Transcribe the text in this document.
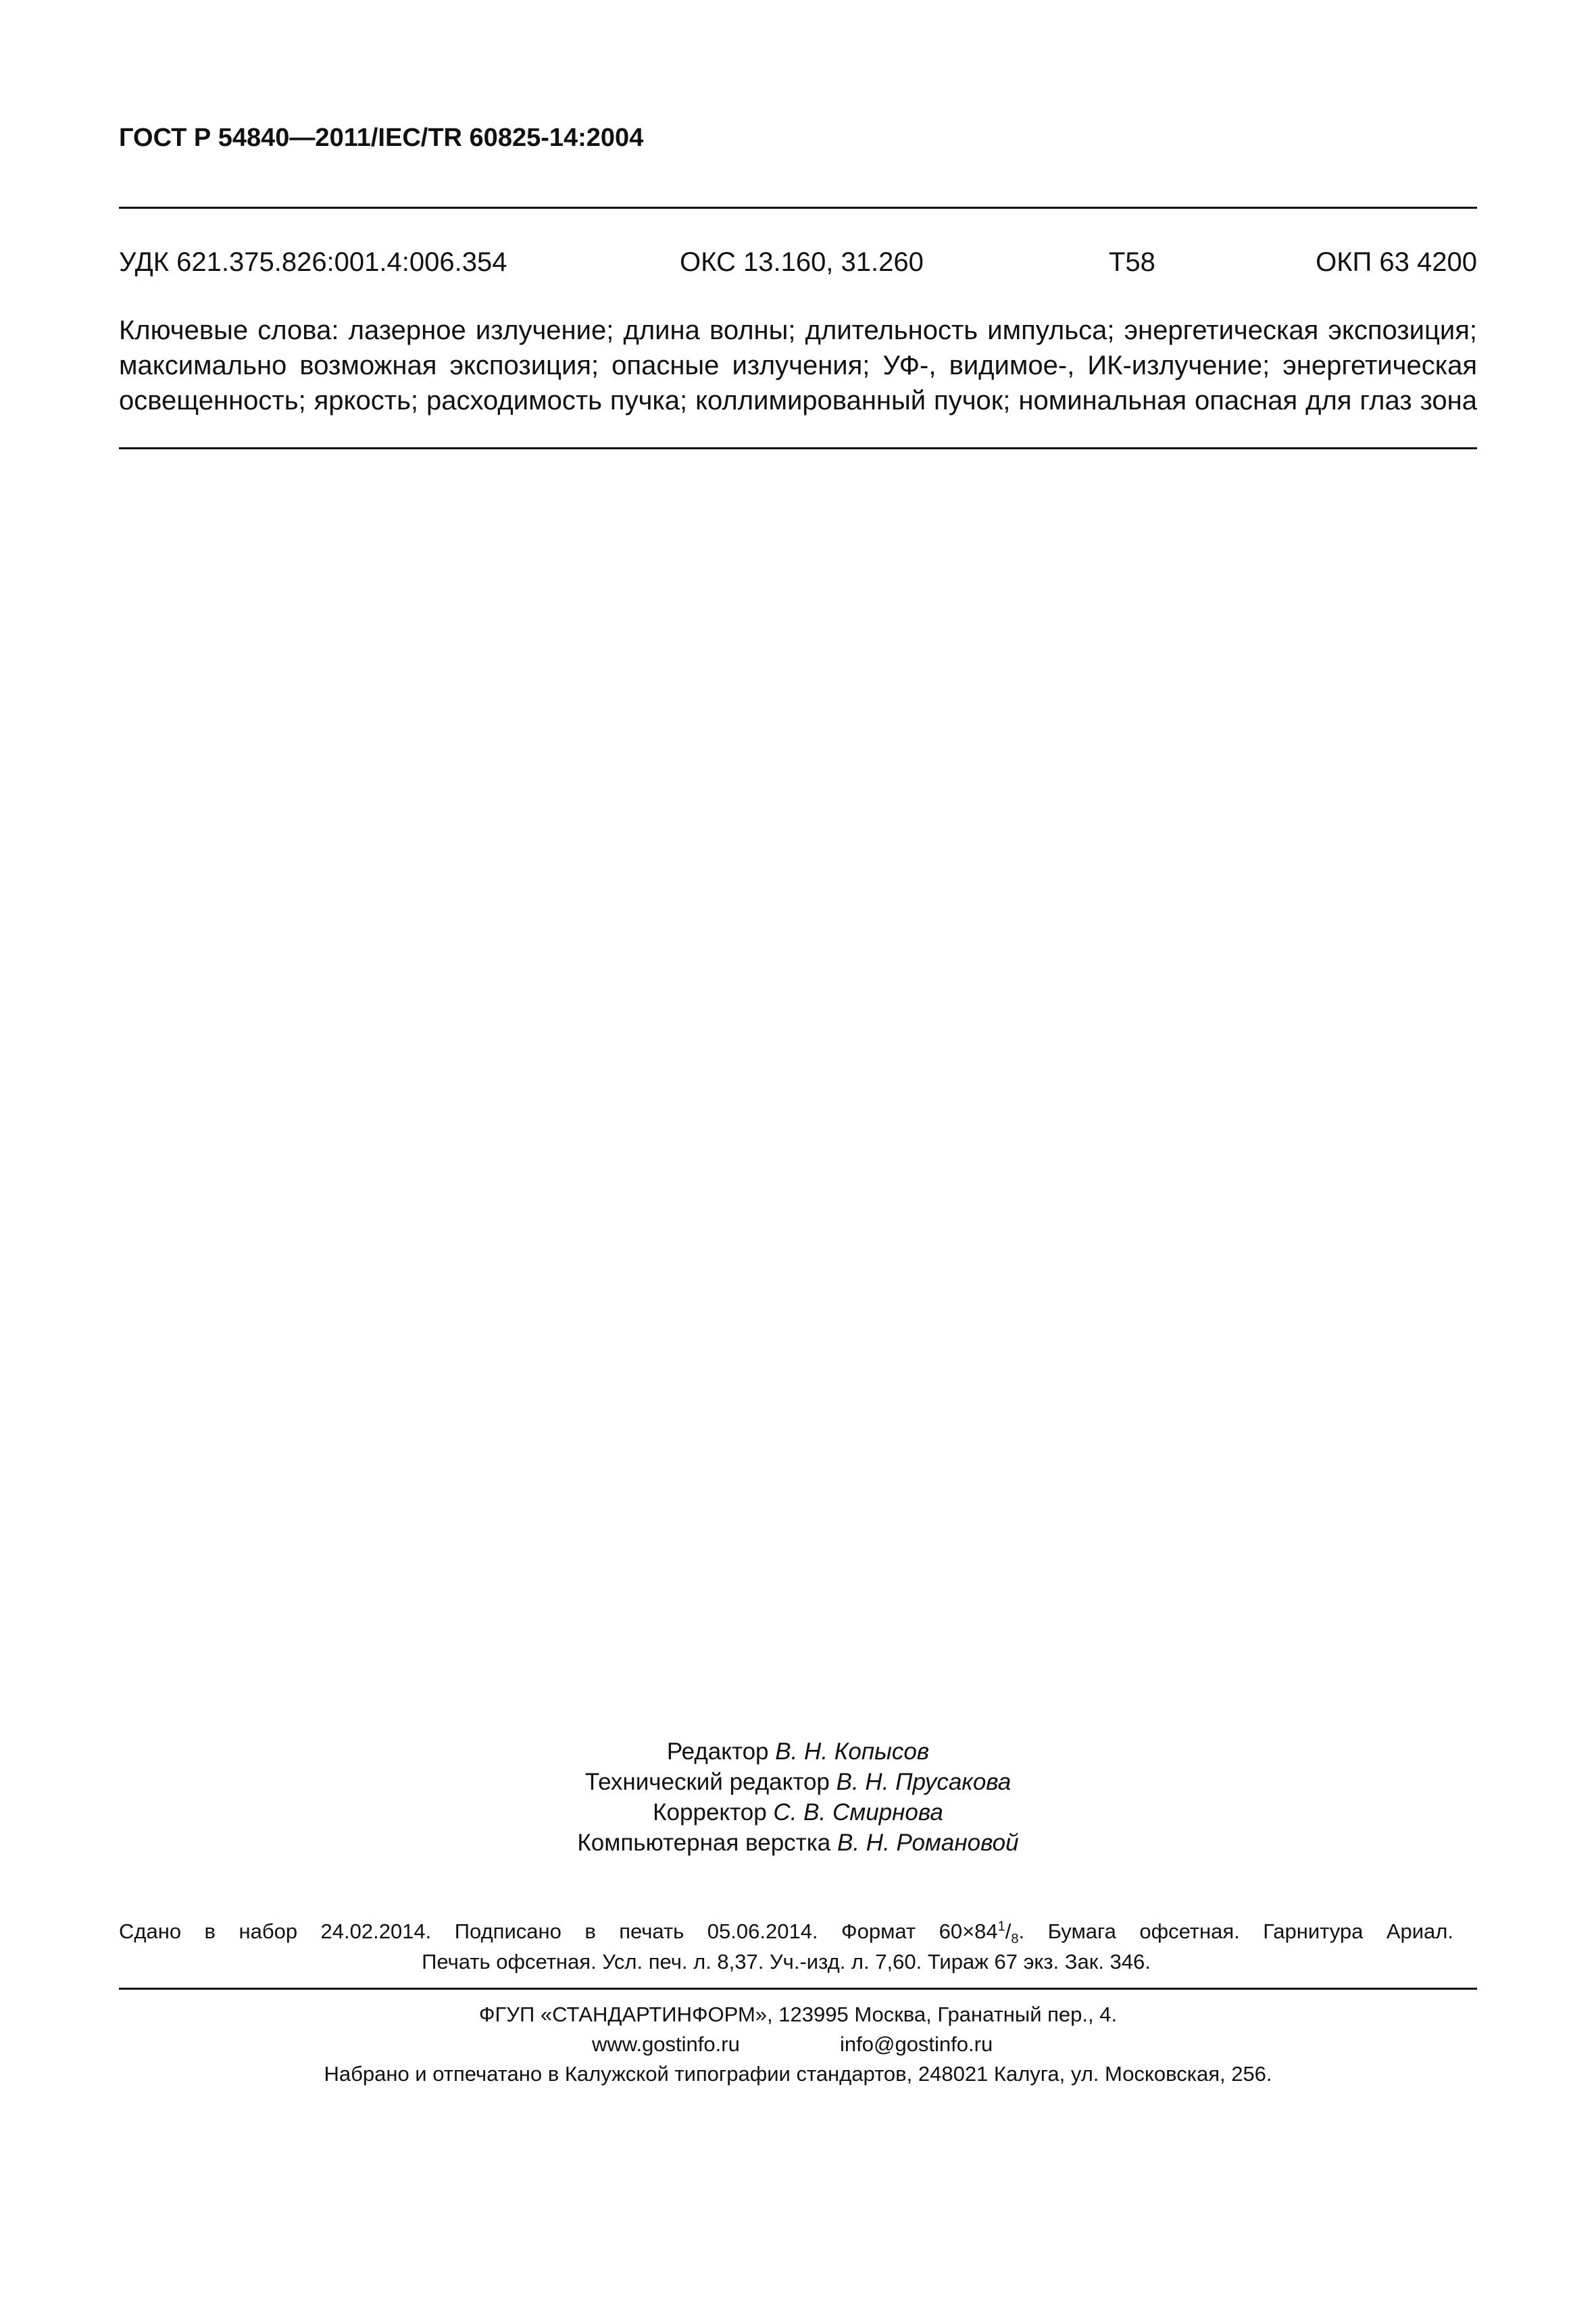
ГОСТ Р 54840—2011/IEC/TR 60825-14:2004
УДК 621.375.826:001.4:006.354	ОКС 13.160, 31.260	Т58	ОКП 63 4200
Ключевые слова: лазерное излучение; длина волны; длительность импульса; энергетическая экспозиция;
максимально возможная экспозиция; опасные излучения; УФ-, видимое-, ИК-излучение; энергетическая
освещенность; яркость; расходимость пучка; коллимированный пучок; номинальная опасная для глаз зона
Редактор В. Н. Копысов
Технический редактор В. Н. Прусакова
Корректор С. В. Смирнова
Компьютерная верстка В. Н. Романовой
Сдано в набор 24.02.2014. Подписано в печать 05.06.2014. Формат $60\times 84^1/_8$. Бумага офсетная. Гарнитура Ариал.
Печать офсетная. Усл. печ. л. 8,37. Уч.-изд. л. 7,60. Тираж 67 экз. Зак. 346.
ФГУП «СТАНДАРТИНФОРМ», 123995 Москва, Гранатный пер., 4.
www.gostinfo.ru	info@gostinfo.ru
Набрано и отпечатано в Калужской типографии стандартов, 248021 Калуга, ул. Московская, 256.
